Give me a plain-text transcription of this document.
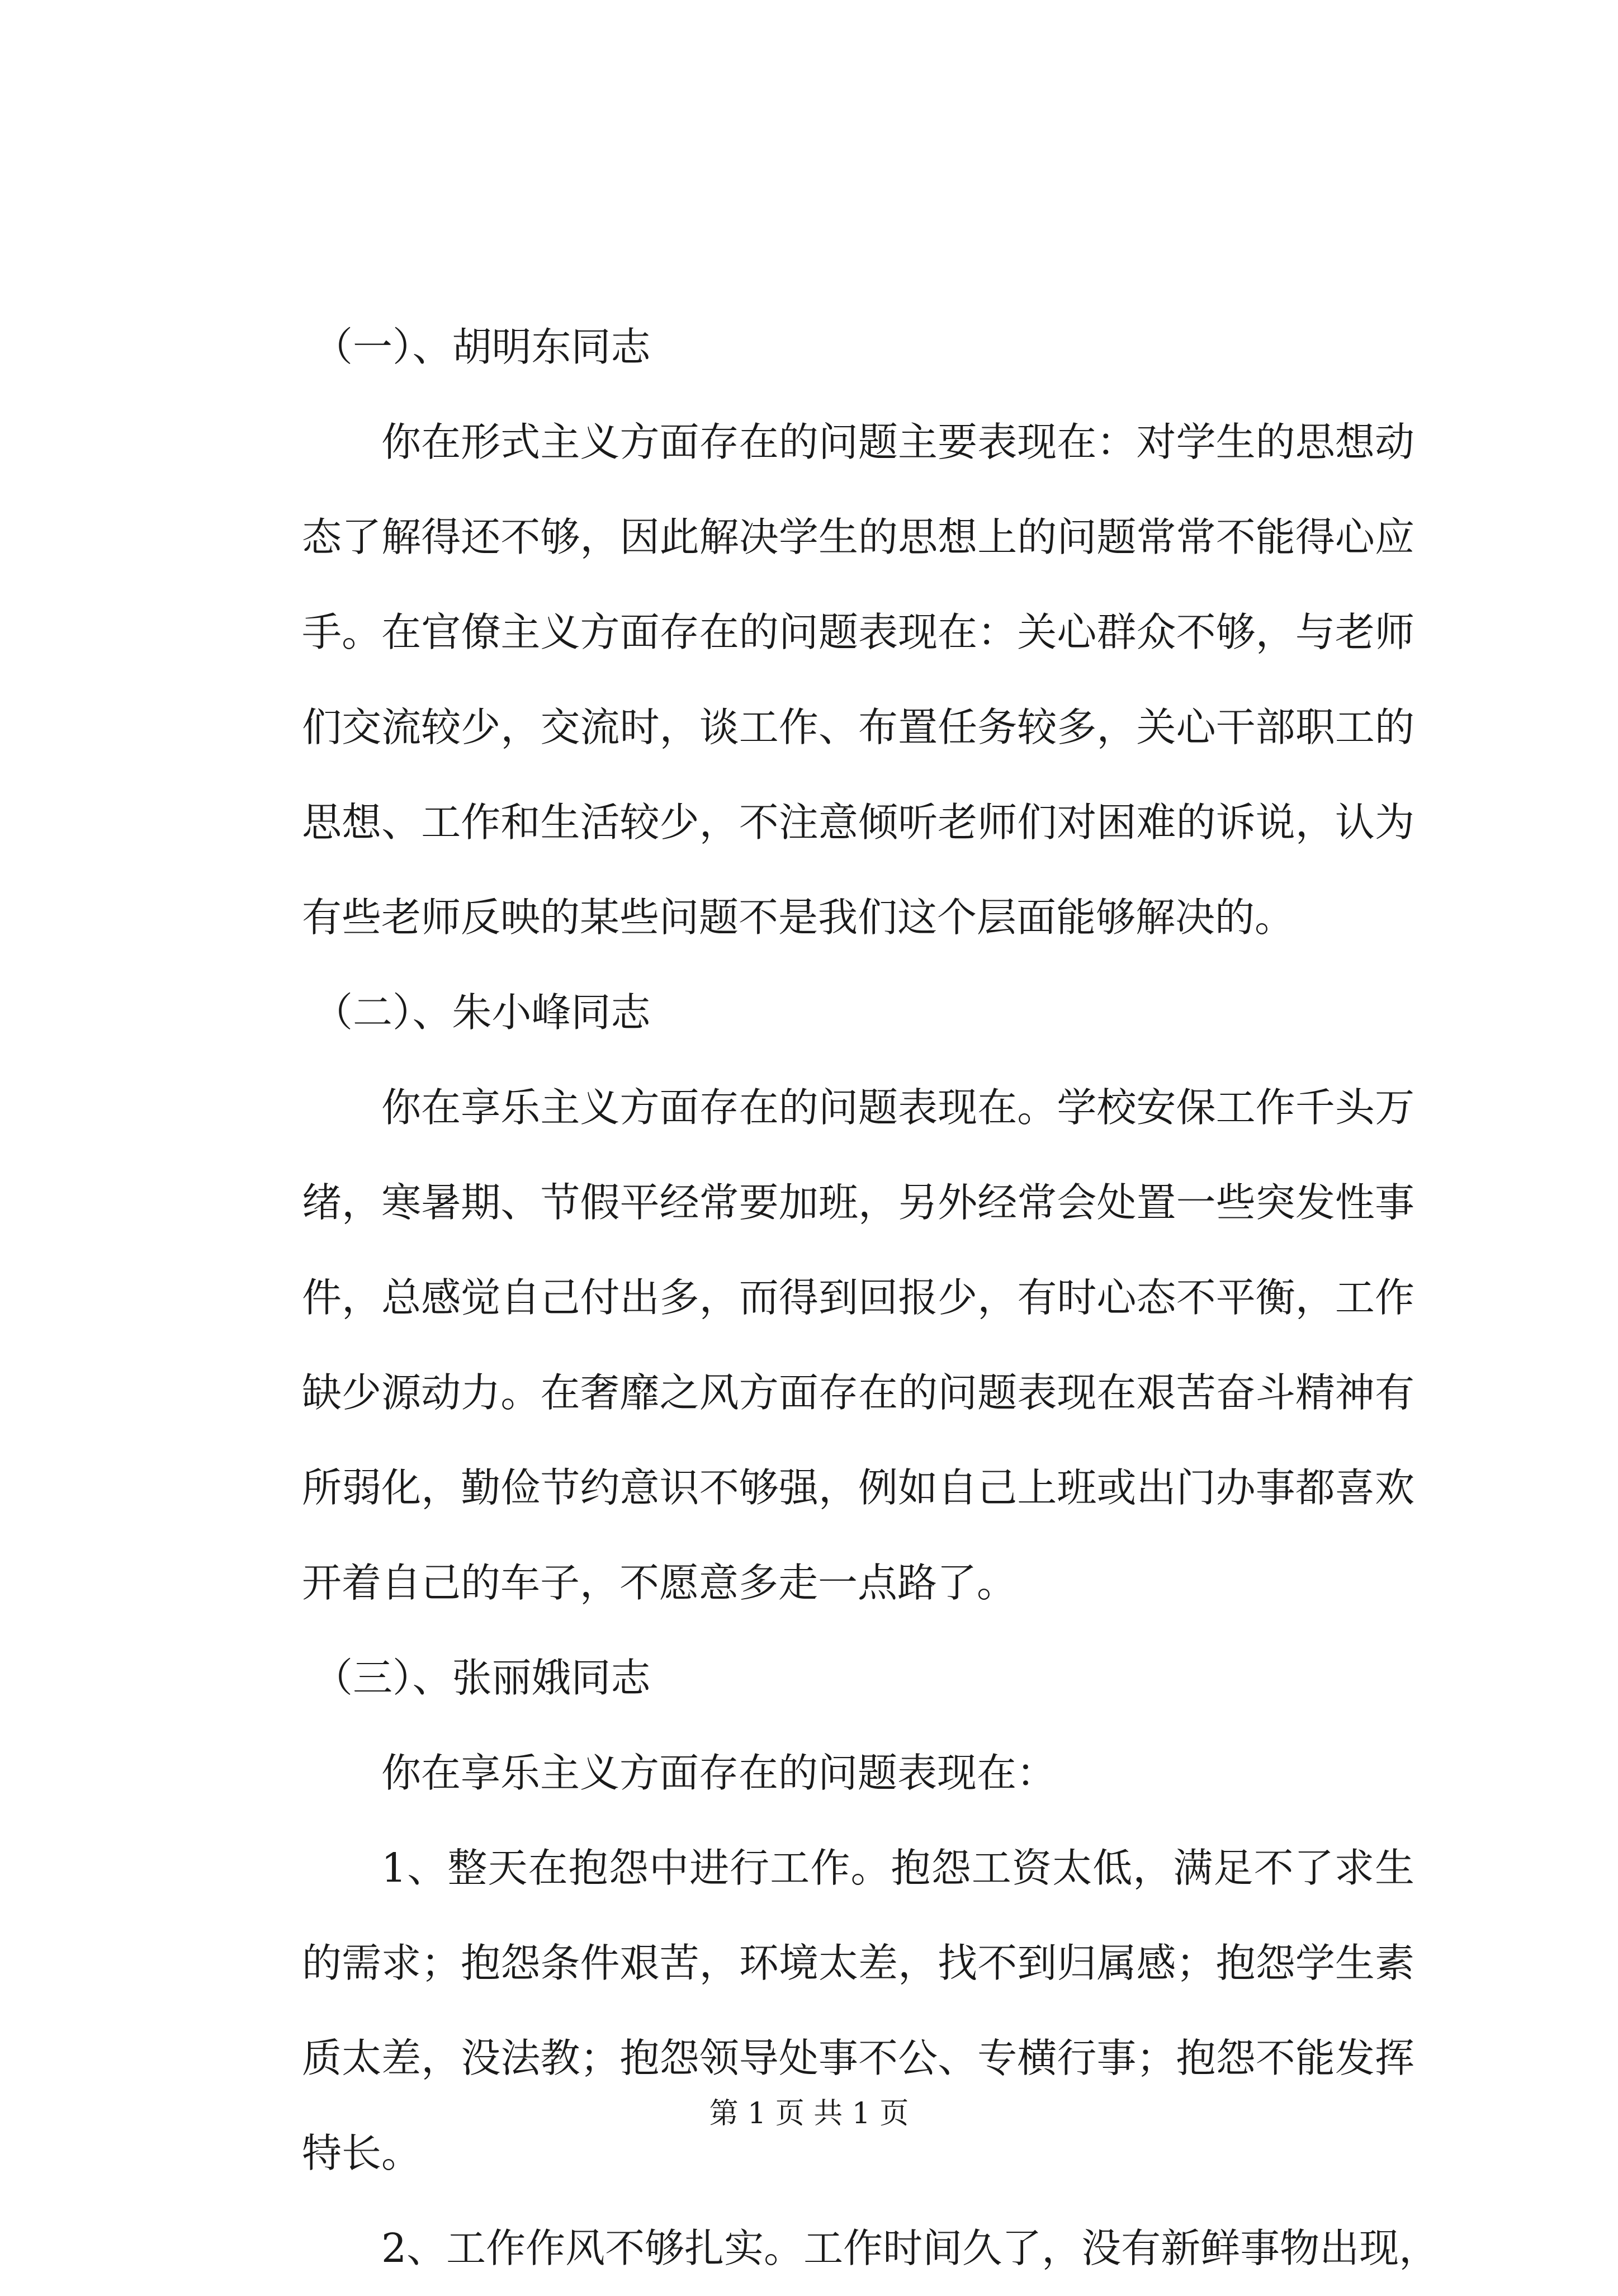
（一）、胡明东同志
你在形式主义方面存在的问题主要表现在：对学生的思想动
态了解得还不够，因此解决学生的思想上的问题常常不能得心应
手。在官僚主义方面存在的问题表现在：关心群众不够，与老师
们交流较少，交流时，谈工作、布置任务较多，关心干部职工的
思想、工作和生活较少，不注意倾听老师们对困难的诉说，认为
有些老师反映的某些问题不是我们这个层面能够解决的。
（二）、朱小峰同志
你在享乐主义方面存在的问题表现在。学校安保工作千头万
绪，寒暑期、节假平经常要加班，另外经常会处置一些突发性事
件，总感觉自己付出多，而得到回报少，有时心态不平衡，工作
缺少源动力。在奢靡之风方面存在的问题表现在艰苦奋斗精神有
所弱化，勤俭节约意识不够强，例如自己上班或出门办事都喜欢
开着自己的车子，不愿意多走一点路了。
（三）、张丽娥同志
你在享乐主义方面存在的问题表现在：
1、整天在抱怨中进行工作。抱怨工资太低，满足不了求生
的需求；抱怨条件艰苦，环境太差，找不到归属感；抱怨学生素
质太差，没法教；抱怨领导处事不公、专横行事；抱怨不能发挥
特长。
2、工作作风不够扎实。工作时间久了，没有新鲜事物出现，
第 1 页 共 1 页
